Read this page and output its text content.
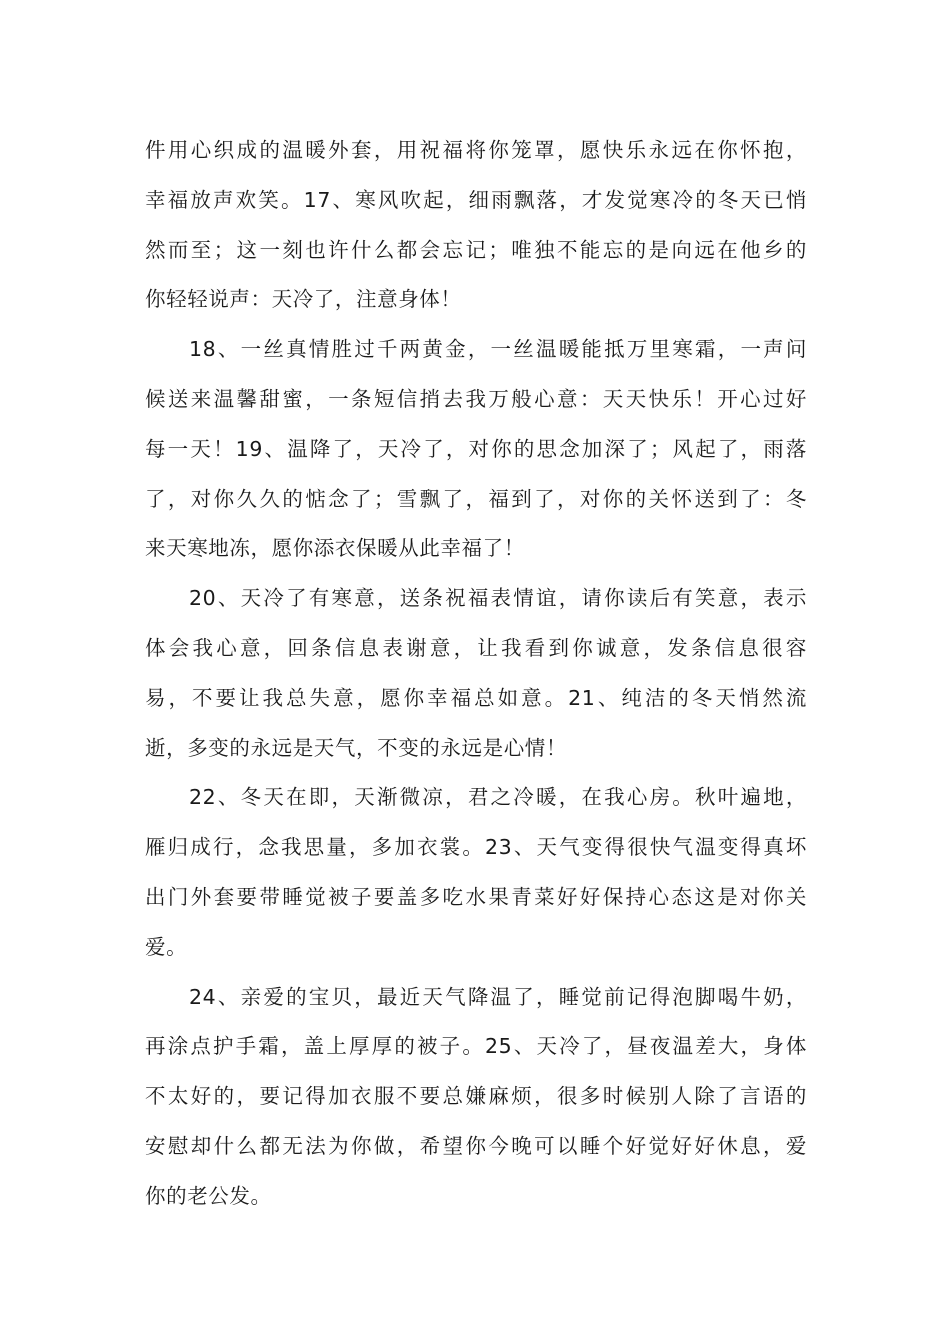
件用心织成的温暖外套，用祝福将你笼罩，愿快乐永远在你怀抱，
幸福放声欢笑。17、寒风吹起，细雨飘落，才发觉寒冷的冬天已悄
然而至；这一刻也许什么都会忘记；唯独不能忘的是向远在他乡的
你轻轻说声：天冷了，注意身体！

18、一丝真情胜过千两黄金，一丝温暖能抵万里寒霜，一声问
候送来温馨甜蜜，一条短信捎去我万般心意：天天快乐！开心过好
每一天！19、温降了，天冷了，对你的思念加深了；风起了，雨落
了，对你久久的惦念了；雪飘了，福到了，对你的关怀送到了：冬
来天寒地冻，愿你添衣保暖从此幸福了！

20、天冷了有寒意，送条祝福表情谊，请你读后有笑意，表示
体会我心意，回条信息表谢意，让我看到你诚意，发条信息很容
易，不要让我总失意，愿你幸福总如意。21、纯洁的冬天悄然流
逝，多变的永远是天气，不变的永远是心情！

22、冬天在即，天渐微凉，君之冷暖，在我心房。秋叶遍地，
雁归成行，念我思量，多加衣裳。23、天气变得很快气温变得真坏
出门外套要带睡觉被子要盖多吃水果青菜好好保持心态这是对你关
爱。

24、亲爱的宝贝，最近天气降温了，睡觉前记得泡脚喝牛奶，
再涂点护手霜，盖上厚厚的被子。25、天冷了，昼夜温差大，身体
不太好的，要记得加衣服不要总嫌麻烦，很多时候别人除了言语的
安慰却什么都无法为你做，希望你今晚可以睡个好觉好好休息，爱
你的老公发。
